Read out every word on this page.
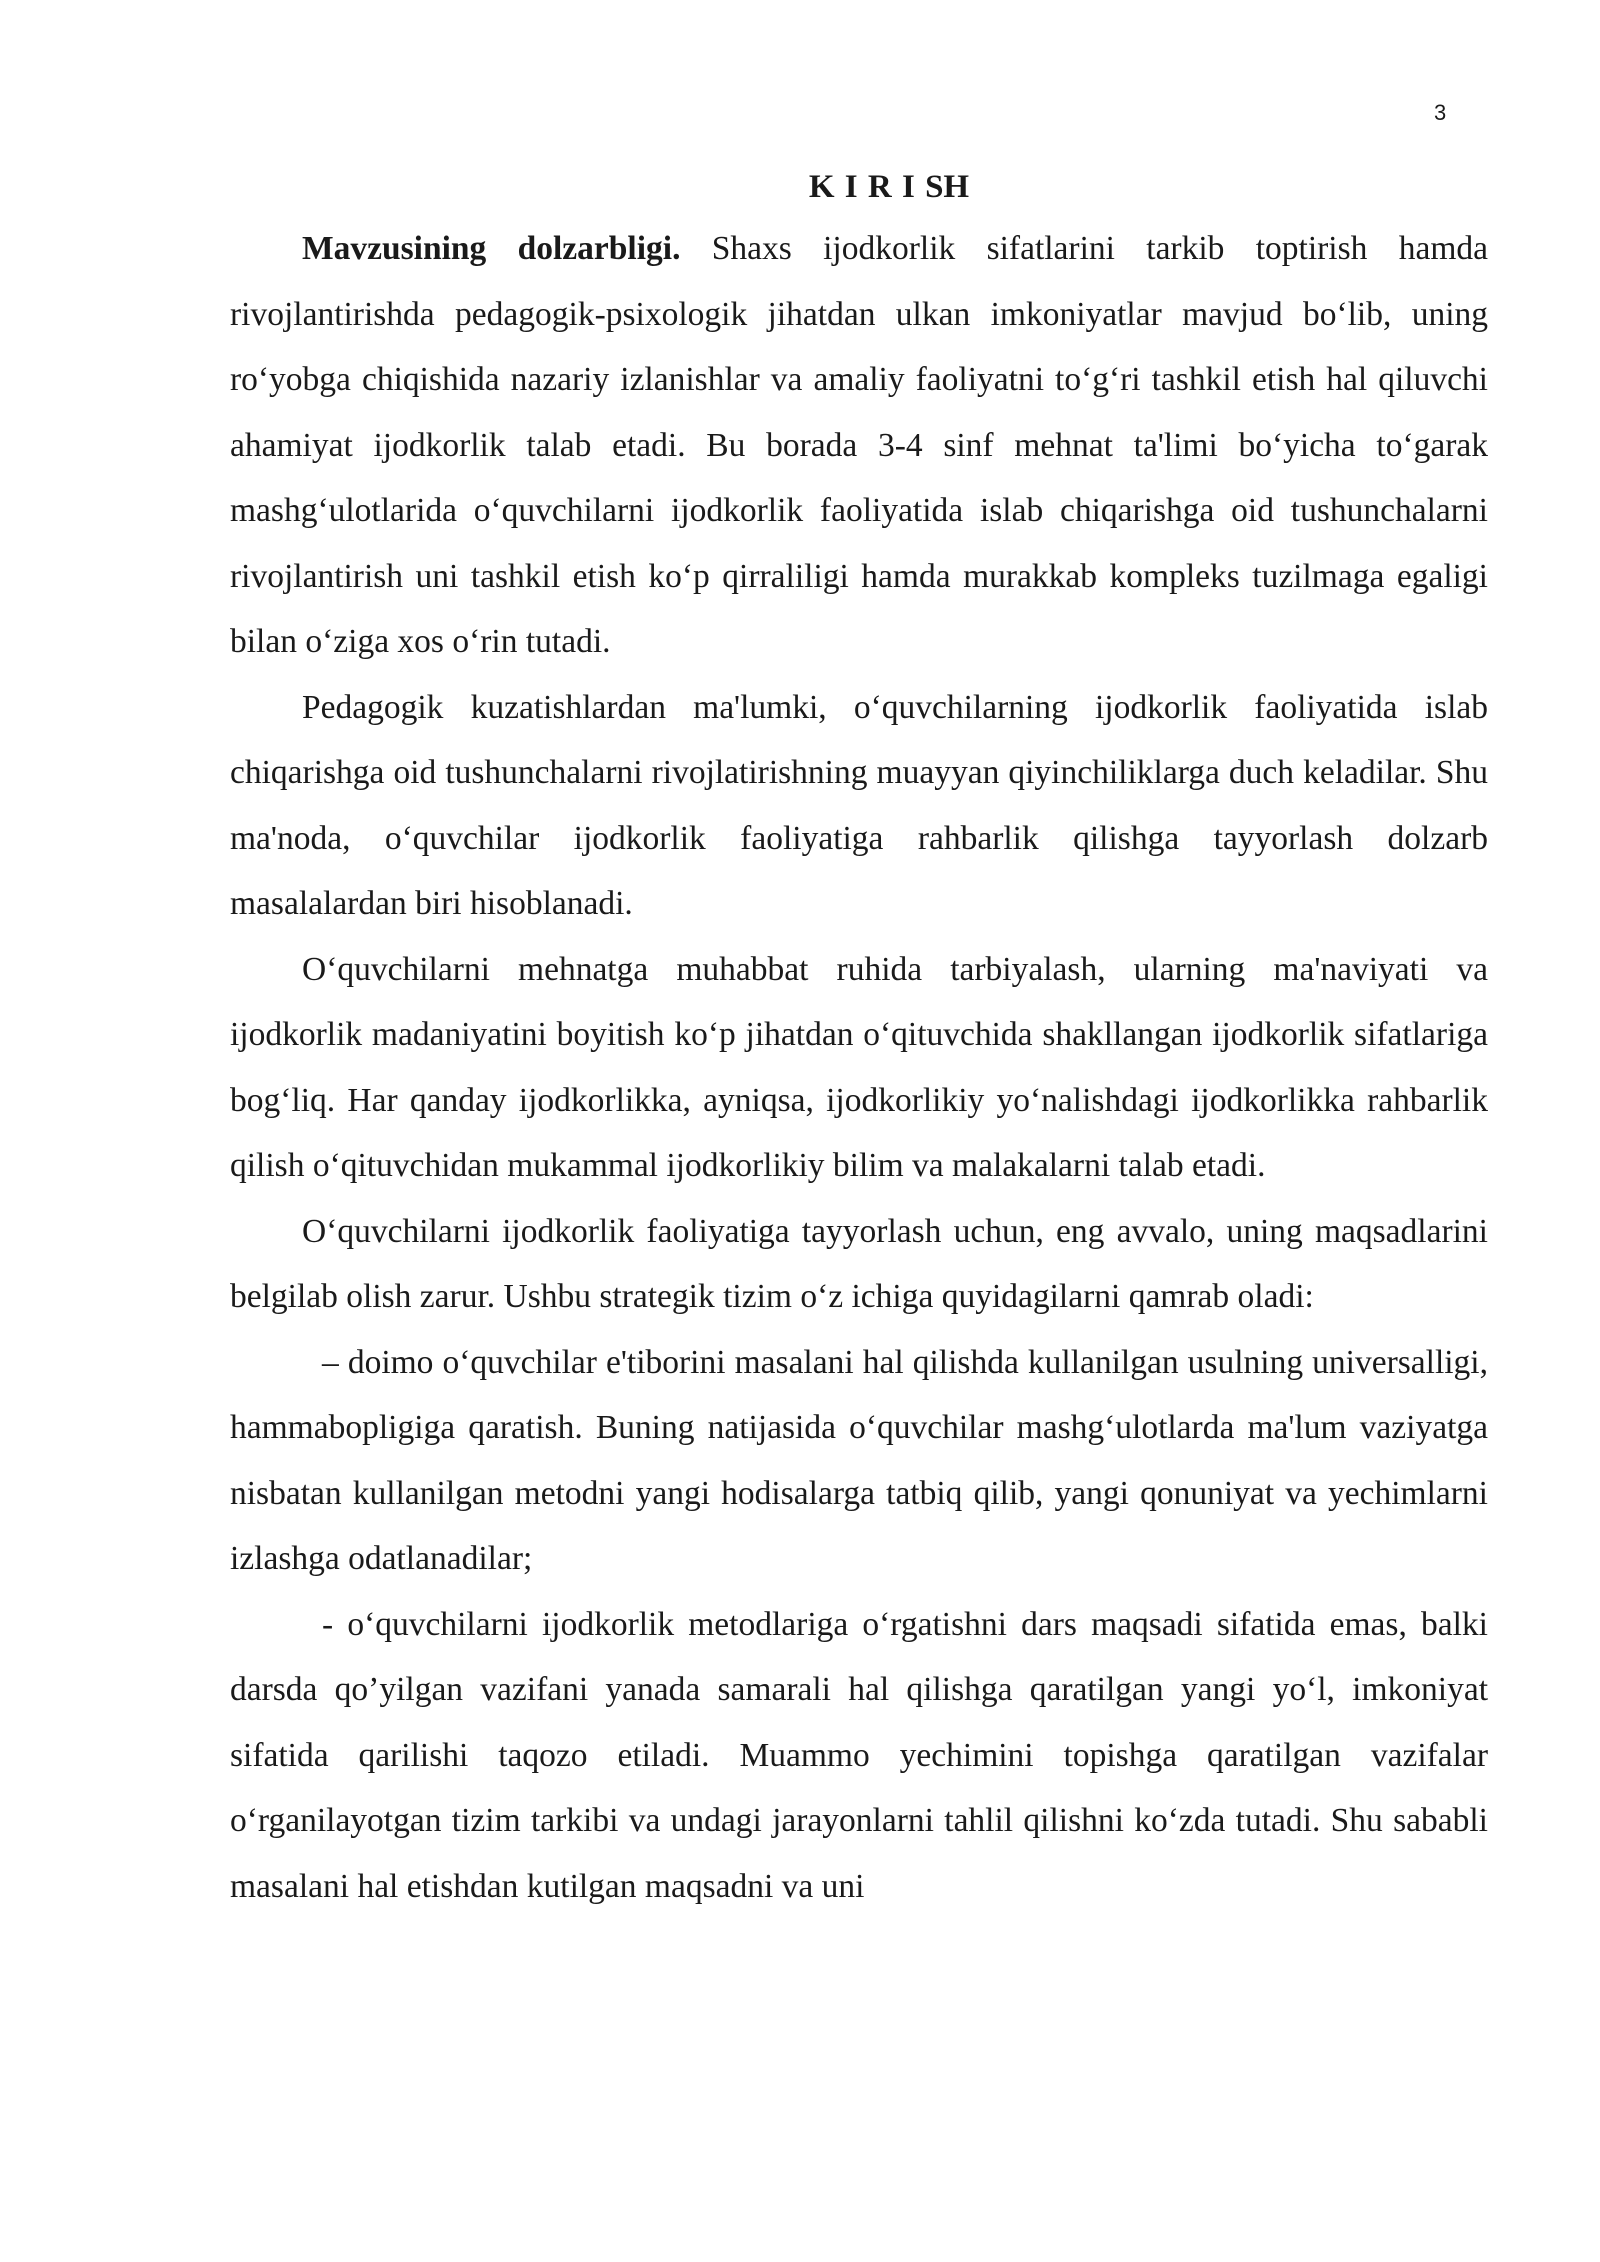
3
K I R I SH

Mavzusining dolzarbligi. Shaxs ijodkorlik sifatlarini tarkib toptirish hamda rivojlantirishda pedagogik-psixologik jihatdan ulkan imkoniyatlar mavjud bo‘lib, uning ro‘yobga chiqishida nazariy izlanishlar va amaliy faoliyatni to‘g‘ri tashkil etish hal qiluvchi ahamiyat ijodkorlik talab etadi. Bu borada 3-4 sinf mehnat ta'limi bo‘yicha to‘garak mashg‘ulotlarida o‘quvchilarni ijodkorlik faoliyatida islab chiqarishga oid tushunchalarni rivojlantirish uni tashkil etish ko‘p qirraliligi hamda murakkab kompleks tuzilmaga egaligi bilan o‘ziga xos o‘rin tutadi.

Pedagogik kuzatishlardan ma'lumki, o‘quvchilarning ijodkorlik faoliyatida islab chiqarishga oid tushunchalarni rivojlatirishning muayyan qiyinchiliklarga duch keladilar. Shu ma'noda, o‘quvchilar ijodkorlik faoliyatiga rahbarlik qilishga tayyorlash dolzarb masalalardan biri hisoblanadi.

O‘quvchilarni mehnatga muhabbat ruhida tarbiyalash, ularning ma'naviyati va ijodkorlik madaniyatini boyitish ko‘p jihatdan o‘qituvchida shakllangan ijodkorlik sifatlariga bog‘liq. Har qanday ijodkorlikka, ayniqsa, ijodkorlikiy yo‘nalishdagi ijodkorlikka rahbarlik qilish o‘qituvchidan mukammal ijodkorlikiy bilim va malakalarni talab etadi.

O‘quvchilarni ijodkorlik faoliyatiga tayyorlash uchun, eng avvalo, uning maqsadlarini belgilab olish zarur. Ushbu strategik tizim o‘z ichiga quyidagilarni qamrab oladi:

– doimo o‘quvchilar e'tiborini masalani hal qilishda kullanilgan usulning universalligi, hammabopligiga qaratish. Buning natijasida o‘quvchilar mashg‘ulotlarda ma'lum vaziyatga nisbatan kullanilgan metodni yangi hodisalarga tatbiq qilib, yangi qonuniyat va yechimlarni izlashga odatlanadilar;

- o‘quvchilarni ijodkorlik metodlariga o‘rgatishni dars maqsadi sifatida emas, balki darsda qo’yilgan vazifani yanada samarali hal qilishga qaratilgan yangi yo‘l, imkoniyat sifatida qarilishi taqozo etiladi. Muammo yechimini topishga qaratilgan vazifalar o‘rganilayotgan tizim tarkibi va undagi jarayonlarni tahlil qilishni ko‘zda tutadi. Shu sababli masalani hal etishdan kutilgan maqsadni va uni
